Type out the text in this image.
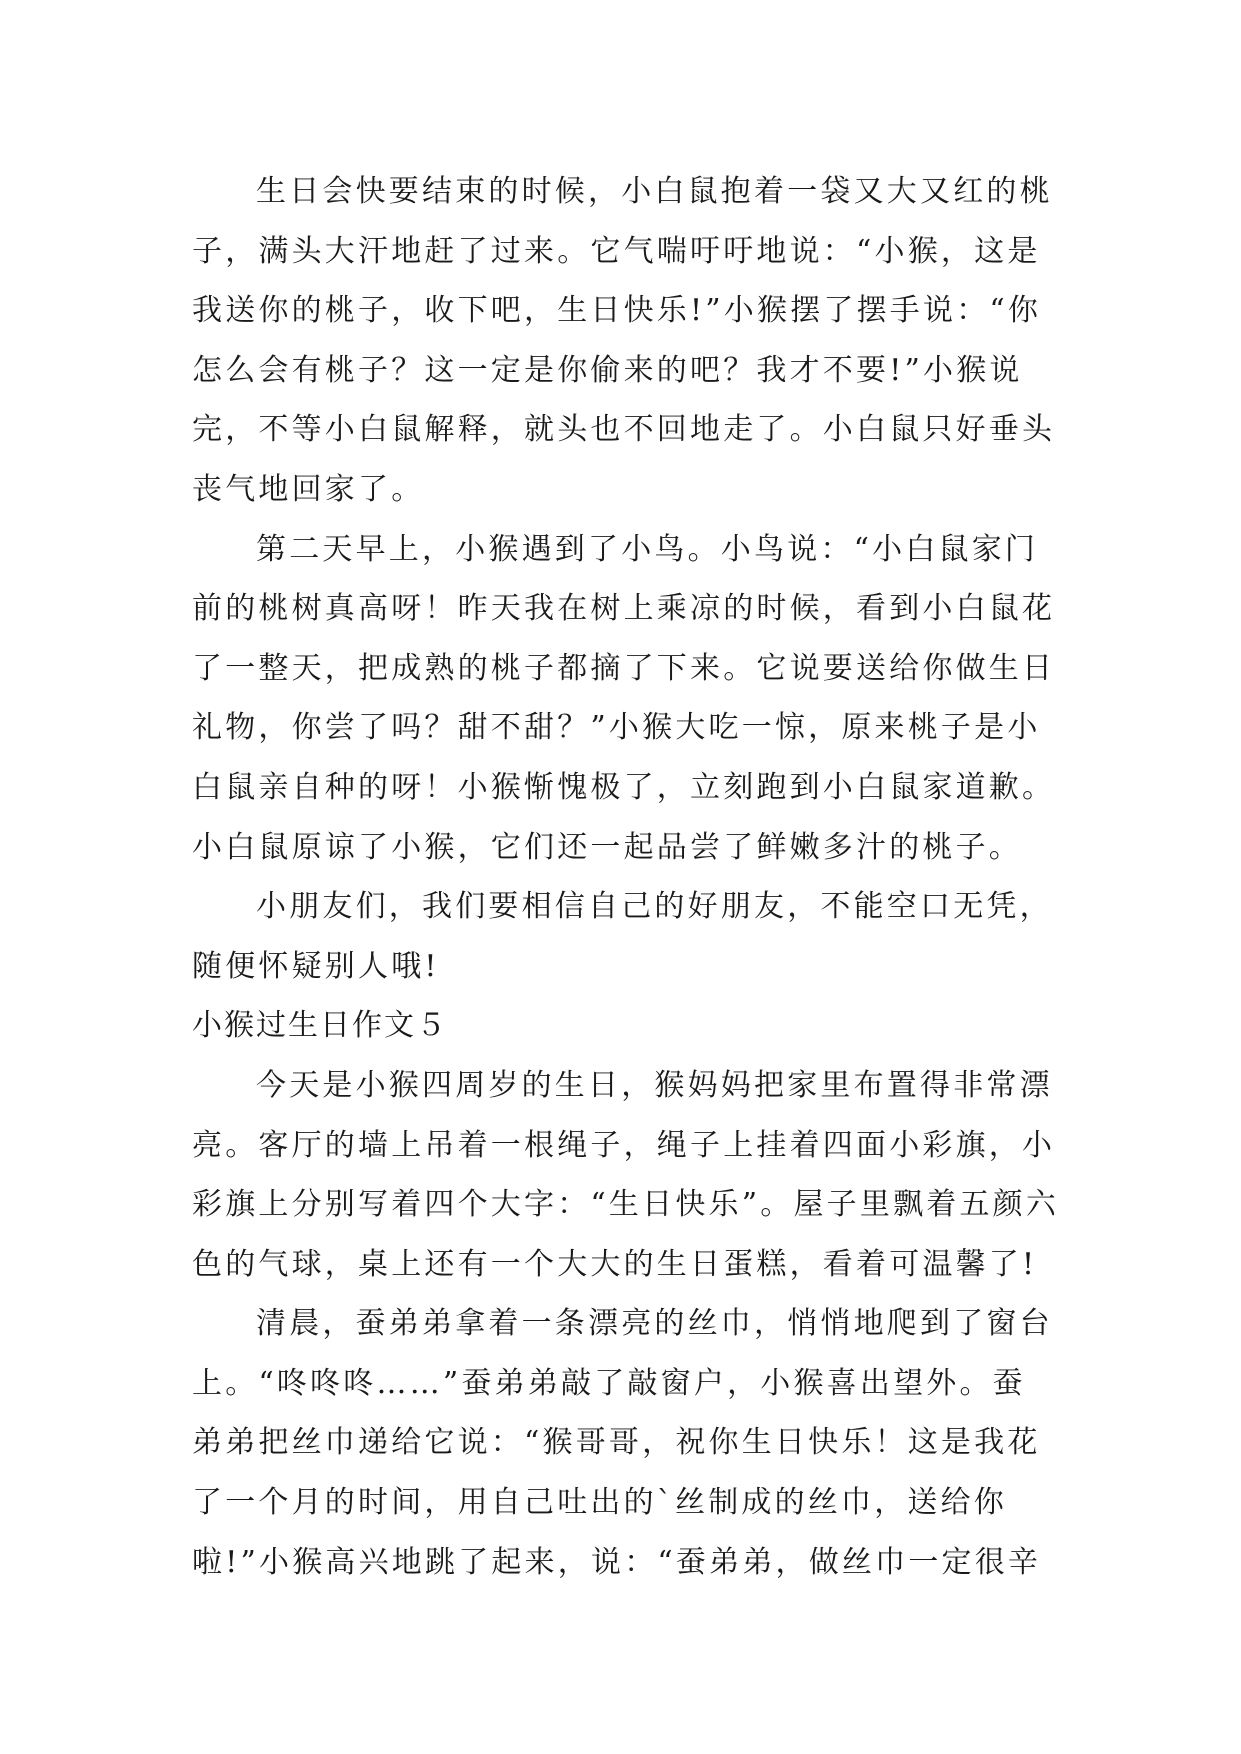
生日会快要结束的时候，小白鼠抱着一袋又大又红的桃
子，满头大汗地赶了过来。它气喘吁吁地说：“小猴，这是
我送你的桃子，收下吧，生日快乐!”小猴摆了摆手说：“你
怎么会有桃子？这一定是你偷来的吧？我才不要!”小猴说
完，不等小白鼠解释，就头也不回地走了。小白鼠只好垂头
丧气地回家了。
第二天早上，小猴遇到了小鸟。小鸟说：“小白鼠家门
前的桃树真高呀！昨天我在树上乘凉的时候，看到小白鼠花
了一整天，把成熟的桃子都摘了下来。它说要送给你做生日
礼物，你尝了吗？甜不甜？”小猴大吃一惊，原来桃子是小
白鼠亲自种的呀！小猴惭愧极了，立刻跑到小白鼠家道歉。
小白鼠原谅了小猴，它们还一起品尝了鲜嫩多汁的桃子。
小朋友们，我们要相信自己的好朋友，不能空口无凭，
随便怀疑别人哦!
小猴过生日作文５
今天是小猴四周岁的生日，猴妈妈把家里布置得非常漂
亮。客厅的墙上吊着一根绳子，绳子上挂着四面小彩旗，小
彩旗上分别写着四个大字：“生日快乐”。屋子里飘着五颜六
色的气球，桌上还有一个大大的生日蛋糕，看着可温馨了!
清晨，蚕弟弟拿着一条漂亮的丝巾，悄悄地爬到了窗台
上。“咚咚咚……”蚕弟弟敲了敲窗户，小猴喜出望外。蚕
弟弟把丝巾递给它说：“猴哥哥，祝你生日快乐！这是我花
了一个月的时间，用自己吐出的`丝制成的丝巾，送给你
啦!”小猴高兴地跳了起来，说：“蚕弟弟，做丝巾一定很辛
